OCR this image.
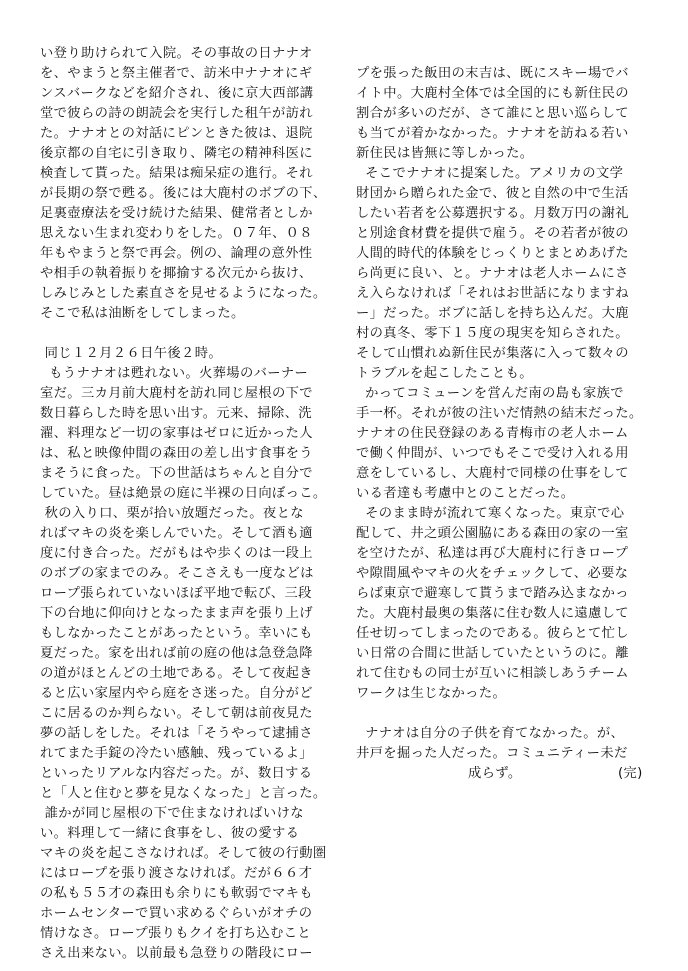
い登り助けられて入院。その事故の日ナナオ
を、やまうと祭主催者で、訪米中ナナオにギ
ンスバークなどを紹介され、後に京大西部講
堂で彼らの詩の朗読会を実行した租午が訪れ
た。ナナオとの対話にピンときた彼は、退院
後京都の自宅に引き取り、隣宅の精神科医に
検査して貰った。結果は痴呆症の進行。それ
が長期の祭で甦る。後には大鹿村のボブの下、
足裏壺療法を受け続けた結果、健常者としか
思えない生まれ変わりをした。０７年、０８
年もやまうと祭で再会。例の、論理の意外性
や相手の執着振りを揶揄する次元から抜け、
しみじみとした素直さを見せるようになった。
そこで私は油断をしてしまった。
同じ１２月２６日午後２時。
もうナナオは甦れない。火葬場のバーナー
室だ。三カ月前大鹿村を訪れ同じ屋根の下で
数日暮らした時を思い出す。元来、掃除、洗
濯、料理など一切の家事はゼロに近かった人
は、私と映像仲間の森田の差し出す食事をう
まそうに食った。下の世話はちゃんと自分で
していた。昼は絶景の庭に半裸の日向ぼっこ。
秋の入り口、栗が拾い放題だった。夜とな
ればマキの炎を楽しんでいた。そして酒も適
度に付き合った。だがもはや歩くのは一段上
のボブの家までのみ。そこさえも一度などは
ロープ張られていないほぼ平地で転び、三段
下の台地に仰向けとなったまま声を張り上げ
もしなかったことがあったという。幸いにも
夏だった。家を出れば前の庭の他は急登急降
の道がほとんどの土地である。そして夜起き
ると広い家屋内やら庭をさ迷った。自分がど
こに居るのか判らない。そして朝は前夜見た
夢の話しをした。それは「そうやって逮捕さ
れてまた手錠の冷たい感触、残っているよ」
といったリアルな内容だった。が、数日する
と「人と住むと夢を見なくなった」と言った。
誰かが同じ屋根の下で住まなければいけな
い。料理して一緒に食事をし、彼の愛する
マキの炎を起こさなければ。そして彼の行動圏
にはロープを張り渡さなければ。だが６６才
の私も５５才の森田も余りにも軟弱でマキも
ホームセンターで買い求めるぐらいがオチの
情けなさ。ロープ張りもクイを打ち込むこと
さえ出来ない。以前最も急登りの階段にロー

プを張った飯田の末吉は、既にスキー場でバ
イト中。大鹿村全体では全国的にも新住民の
割合が多いのだが、さて誰にと思い巡らして
も当てが着かなかった。ナナオを訪ねる若い
新住民は皆無に等しかった。
そこでナナオに提案した。アメリカの文学
財団から贈られた金で、彼と自然の中で生活
したい若者を公募選択する。月数万円の謝礼
と別途食材費を提供で雇う。その若者が彼の
人間的時代的体験をじっくりとまとめあげた
ら尚更に良い、と。ナナオは老人ホームにさ
え入らなければ「それはお世話になりますね
ー」だった。ボブに話しを持ち込んだ。大鹿
村の真冬、零下１５度の現実を知らされた。
そして山慣れぬ新住民が集落に入って数々の
トラブルを起こしたことも。
かってコミューンを営んだ南の島も家族で
手一杯。それが彼の注いだ情熱の結末だった。
ナナオの住民登録のある青梅市の老人ホーム
で働く仲間が、いつでもそこで受け入れる用
意をしているし、大鹿村で同様の仕事をして
いる者達も考慮中とのことだった。
そのまま時が流れて寒くなった。東京で心
配して、井之頭公園脇にある森田の家の一室
を空けたが、私達は再び大鹿村に行きロープ
や隙間風やマキの火をチェックして、必要な
らば東京で避寒して貰うまで踏み込まなかっ
た。大鹿村最奥の集落に住む数人に遠慮して
任せ切ってしまったのである。彼らとて忙し
い日常の合間に世話していたというのに。離
れて住むもの同士が互いに相談しあうチーム
ワークは生じなかった。
ナナオは自分の子供を育てなかった。が、
井戸を掘った人だった。コミュニティー未だ
成らず。	(完)
